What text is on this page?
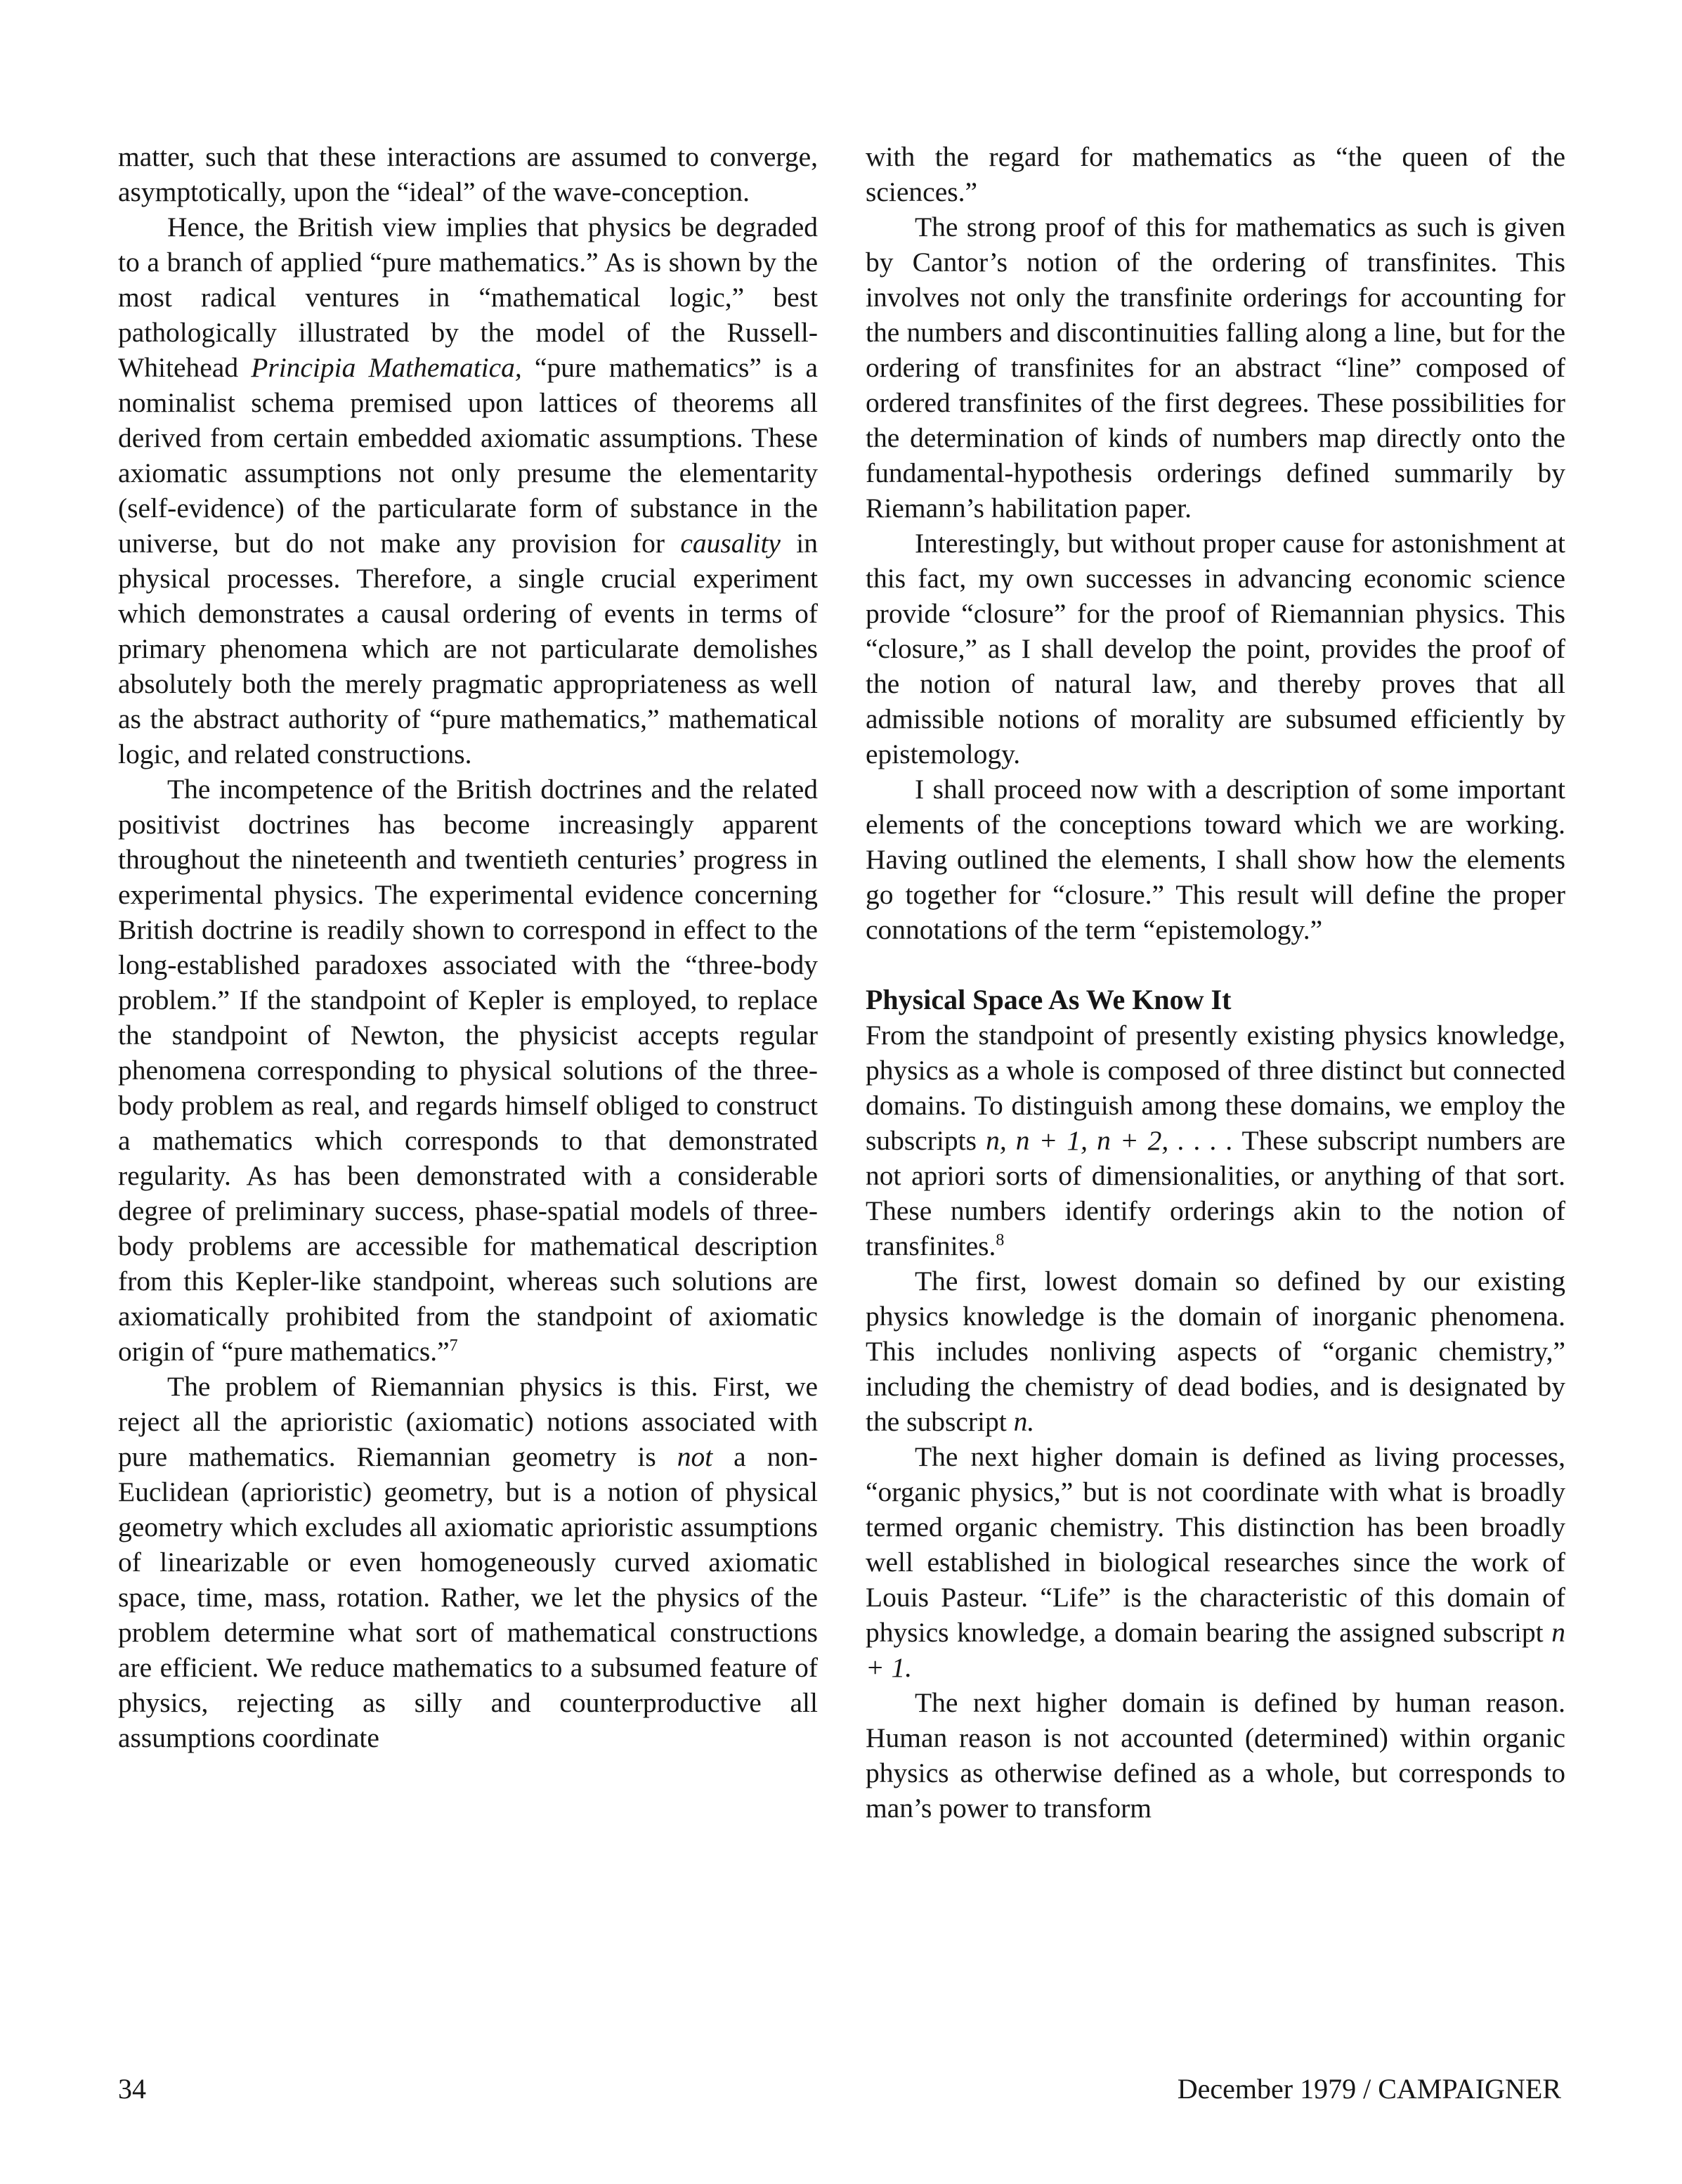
matter, such that these interactions are assumed to converge, asymptotically, upon the “ideal” of the wave-conception.

Hence, the British view implies that physics be degraded to a branch of applied “pure mathematics.” As is shown by the most radical ventures in “mathematical logic,” best pathologically illustrated by the model of the Russell-Whitehead Principia Mathematica, “pure mathematics” is a nominalist schema premised upon lattices of theorems all derived from certain embedded axiomatic assumptions. These axiomatic assumptions not only presume the elementarity (self-evidence) of the particularate form of substance in the universe, but do not make any provision for causality in physical processes. Therefore, a single crucial experiment which demonstrates a causal ordering of events in terms of primary phenomena which are not particularate demolishes absolutely both the merely pragmatic appropriateness as well as the abstract authority of “pure mathematics,” mathematical logic, and related constructions.

The incompetence of the British doctrines and the related positivist doctrines has become increasingly apparent throughout the nineteenth and twentieth centuries’ progress in experimental physics. The experimental evidence concerning British doctrine is readily shown to correspond in effect to the long-established paradoxes associated with the “three-body problem.” If the standpoint of Kepler is employed, to replace the standpoint of Newton, the physicist accepts regular phenomena corresponding to physical solutions of the three-body problem as real, and regards himself obliged to construct a mathematics which corresponds to that demonstrated regularity. As has been demonstrated with a considerable degree of preliminary success, phase-spatial models of three-body problems are accessible for mathematical description from this Kepler-like standpoint, whereas such solutions are axiomatically prohibited from the standpoint of axiomatic origin of “pure mathematics.”$^7$

The problem of Riemannian physics is this. First, we reject all the aprioristic (axiomatic) notions associated with pure mathematics. Riemannian geometry is not a non-Euclidean (aprioristic) geometry, but is a notion of physical geometry which excludes all axiomatic aprioristic assumptions of linearizable or even homogeneously curved axiomatic space, time, mass, rotation. Rather, we let the physics of the problem determine what sort of mathematical constructions are efficient. We reduce mathematics to a subsumed feature of physics, rejecting as silly and counterproductive all assumptions coordinate

with the regard for mathematics as “the queen of the sciences.”

The strong proof of this for mathematics as such is given by Cantor’s notion of the ordering of transfinites. This involves not only the transfinite orderings for accounting for the numbers and discontinuities falling along a line, but for the ordering of transfinites for an abstract “line” composed of ordered transfinites of the first degrees. These possibilities for the determination of kinds of numbers map directly onto the fundamental-hypothesis orderings defined summarily by Riemann’s habilitation paper.

Interestingly, but without proper cause for astonishment at this fact, my own successes in advancing economic science provide “closure” for the proof of Riemannian physics. This “closure,” as I shall develop the point, provides the proof of the notion of natural law, and thereby proves that all admissible notions of morality are subsumed efficiently by epistemology.

I shall proceed now with a description of some important elements of the conceptions toward which we are working. Having outlined the elements, I shall show how the elements go together for “closure.” This result will define the proper connotations of the term “epistemology.”

Physical Space As We Know It

From the standpoint of presently existing physics knowledge, physics as a whole is composed of three distinct but connected domains. To distinguish among these domains, we employ the subscripts n, n + 1, n + 2, . . . . These subscript numbers are not apriori sorts of dimensionalities, or anything of that sort. These numbers identify orderings akin to the notion of transfinites.$^8$

The first, lowest domain so defined by our existing physics knowledge is the domain of inorganic phenomena. This includes nonliving aspects of “organic chemistry,” including the chemistry of dead bodies, and is designated by the subscript n.

The next higher domain is defined as living processes, “organic physics,” but is not coordinate with what is broadly termed organic chemistry. This distinction has been broadly well established in biological researches since the work of Louis Pasteur. “Life” is the characteristic of this domain of physics knowledge, a domain bearing the assigned subscript n + 1.

The next higher domain is defined by human reason. Human reason is not accounted (determined) within organic physics as otherwise defined as a whole, but corresponds to man’s power to transform

34	December 1979 / CAMPAIGNER
